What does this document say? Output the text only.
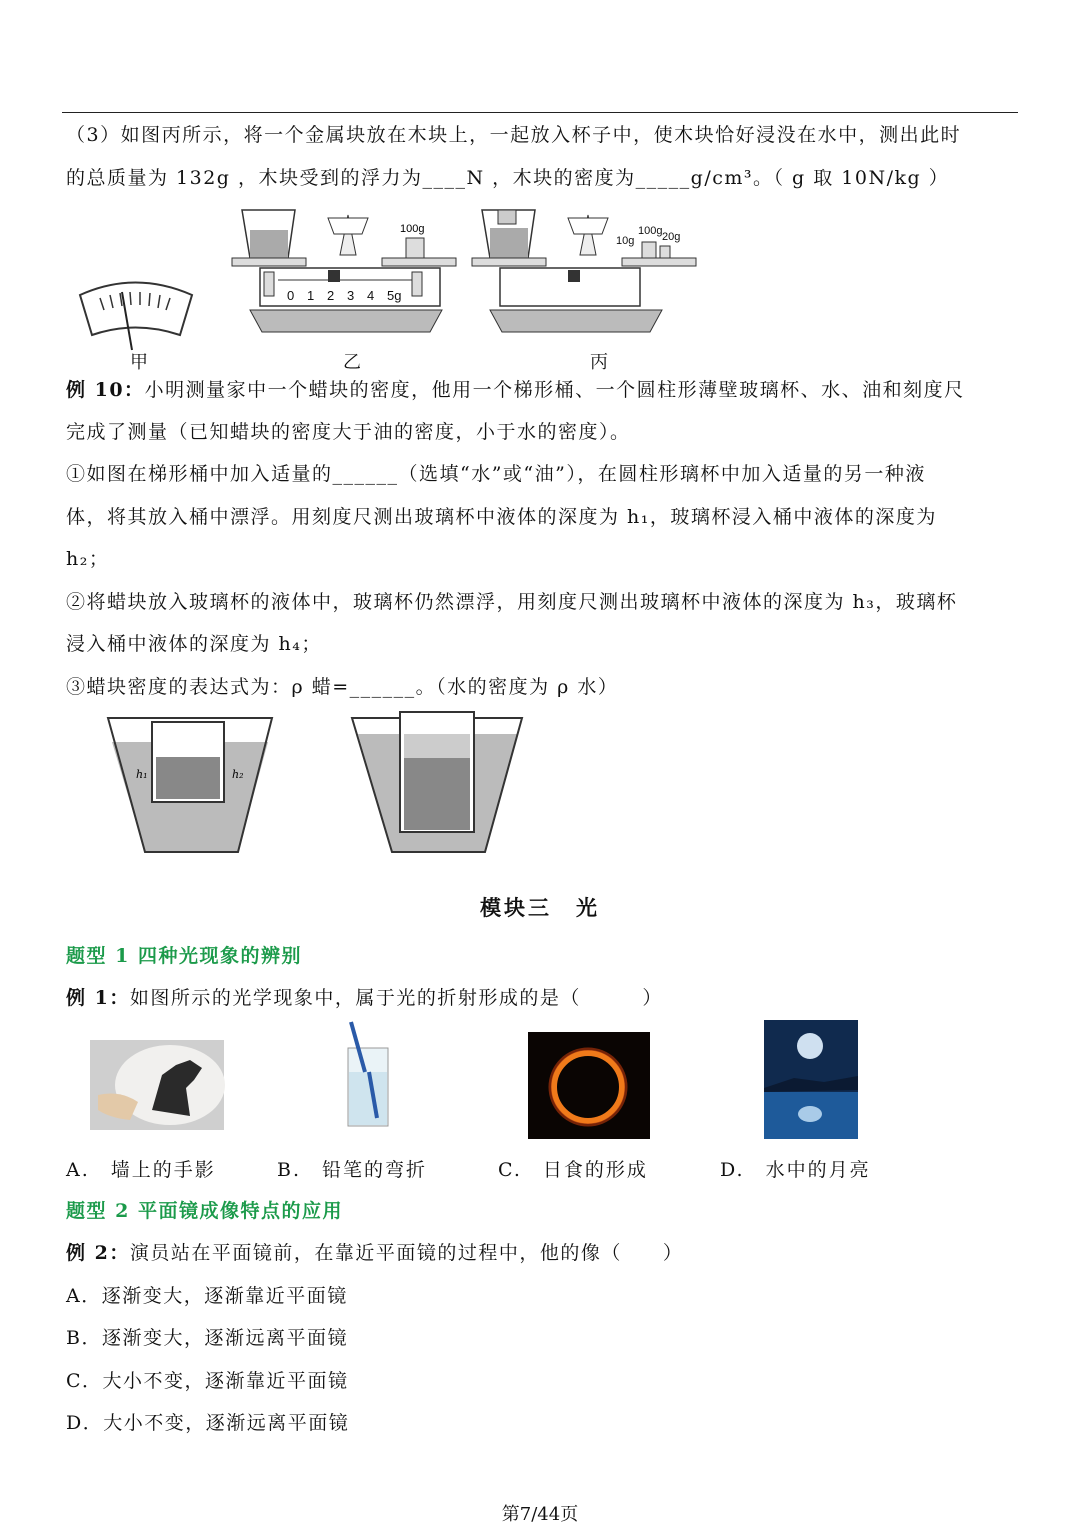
（3）如图丙所示，将一个金属块放在木块上，一起放入杯子中，使木块恰好浸没在水中，测出此时
的总质量为 132g ，木块受到的浮力为____N ，木块的密度为_____g/cm³。（ g 取 10N/kg ）
0 1 2 3 4 5g
100g
10g
100g 20g
甲	乙	丙
例 10：小明测量家中一个蜡块的密度，他用一个梯形桶、一个圆柱形薄壁玻璃杯、水、油和刻度尺
完成了测量（已知蜡块的密度大于油的密度，小于水的密度）。
①如图在梯形桶中加入适量的______（选填“水”或“油”），在圆柱形璃杯中加入适量的另一种液
体，将其放入桶中漂浮。用刻度尺测出玻璃杯中液体的深度为 h₁，玻璃杯浸入桶中液体的深度为
h₂；
②将蜡块放入玻璃杯的液体中，玻璃杯仍然漂浮，用刻度尺测出玻璃杯中液体的深度为 h₃，玻璃杯
浸入桶中液体的深度为 h₄；
③蜡块密度的表达式为：ρ 蜡=______。（水的密度为 ρ 水）
h₁	h₂
模块三　光
题型 1 四种光现象的辨别
例 1：如图所示的光学现象中，属于光的折射形成的是（　　　）
A.　墙上的手影	B.　铅笔的弯折	C.　日食的形成	D.　水中的月亮
题型 2 平面镜成像特点的应用
例 2：演员站在平面镜前，在靠近平面镜的过程中，他的像（　　）
A．逐渐变大，逐渐靠近平面镜
B．逐渐变大，逐渐远离平面镜
C．大小不变，逐渐靠近平面镜
D．大小不变，逐渐远离平面镜
第7/44页
